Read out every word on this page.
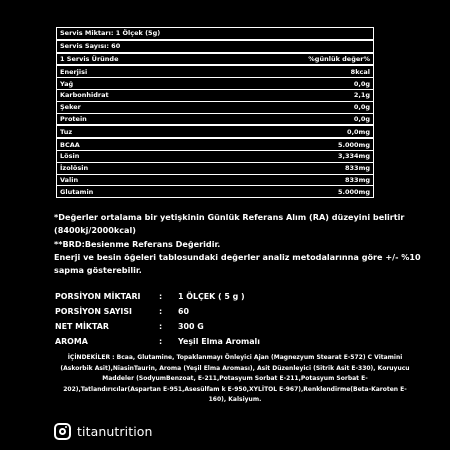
Servis Miktarı: 1 Ölçek (5g)	
Servis Sayısı: 60	
1 Servis Üründe	%günlük değer%
Enerjisi	8kcal
Yağ	0,0g
Karbonhidrat	2,1g
Şeker	0,0g
Protein	0,0g
Tuz	0,0mg
BCAA	5.000mg
Lösin	3,334mg
İzolösin	833mg
Valin	833mg
Glutamin	5.000mg

*Değerler ortalama bir yetişkinin Günlük Referans Alım (RA) düzeyini belirtir (8400kj/2000kcal)

**BRD:Besienme Referans Değeridir.

Enerji ve besin öğeleri tablosundaki değerler analiz metodalarınna göre +/- %10 sapma gösterebilir.

PORSİYON MİKTARI : 1 ÖLÇEK ( 5 g )
PORSİYON SAYISI	: 60
NET MİKTAR	: 300 G
AROMA	: Yeşil Elma Aromalı
İÇİNDEKİLER : Bcaa, Glutamine, Topaklanmayı Önleyici Ajan (Magnezyum Stearat E-572) C Vitamini (Askorbik Asit),NiasinTaurin, Aroma (Yeşil Elma Aroması), Asit Düzenleyici (Sitrik Asit E-330), Koruyucu Maddeler (SodyumBenzoat, E-211,Potasyum Sorbat E-211,Potasyum Sorbat E-202),Tatlandırıcılar(Aspartan E-951,Asesülfam k E-950,XYLİTOL E-967),Renklendirme(Beta-Karoten E-160), Kalsiyum.
titanutrition
